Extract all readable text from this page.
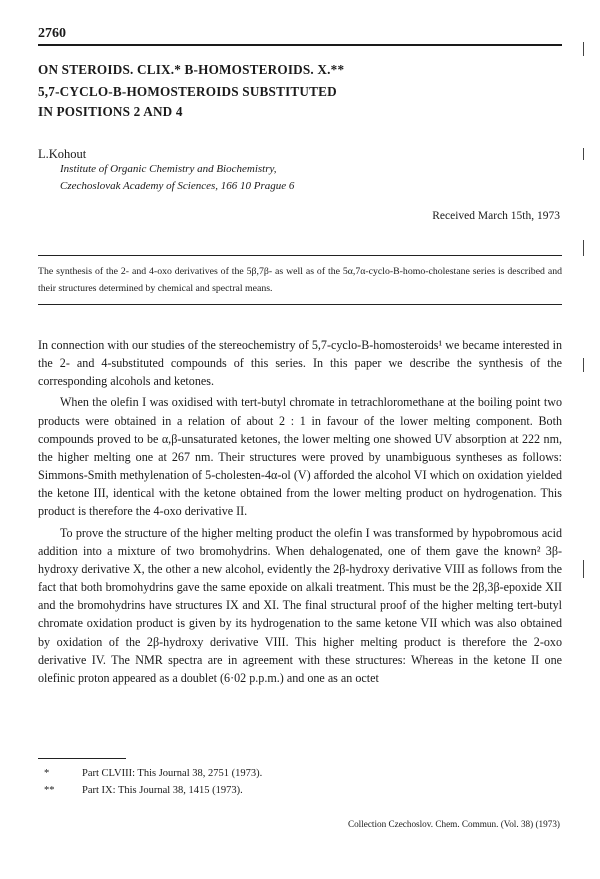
2760
ON STEROIDS. CLIX.* B-HOMOSTEROIDS. X.**
5,7-CYCLO-B-HOMOSTEROIDS SUBSTITUTED
IN POSITIONS 2 AND 4
L.Kohout
Institute of Organic Chemistry and Biochemistry,
Czechoslovak Academy of Sciences, 166 10 Prague 6
Received March 15th, 1973
The synthesis of the 2- and 4-oxo derivatives of the 5β,7β- as well as of the 5α,7α-cyclo-B-homo-cholestane series is described and their structures determined by chemical and spectral means.

In connection with our studies of the stereochemistry of 5,7-cyclo-B-homosteroids¹ we became interested in the 2- and 4-substituted compounds of this series. In this paper we describe the synthesis of the corresponding alcohols and ketones.

When the olefin I was oxidised with tert-butyl chromate in tetrachloromethane at the boiling point two products were obtained in a relation of about 2 : 1 in favour of the lower melting component. Both compounds proved to be α,β-unsaturated ketones, the lower melting one showed UV absorption at 222 nm, the higher melting one at 267 nm. Their structures were proved by unambiguous syntheses as follows: Simmons-Smith methylenation of 5-cholesten-4α-ol (V) afforded the alcohol VI which on oxidation yielded the ketone III, identical with the ketone obtained from the lower melting product on hydrogenation. This product is therefore the 4-oxo derivative II.

To prove the structure of the higher melting product the olefin I was transformed by hypobromous acid addition into a mixture of two bromohydrins. When dehalogenated, one of them gave the known² 3β-hydroxy derivative X, the other a new alcohol, evidently the 2β-hydroxy derivative VIII as follows from the fact that both bromohydrins gave the same epoxide on alkali treatment. This must be the 2β,3β-epoxide XII and the bromohydrins have structures IX and XI. The final structural proof of the higher melting tert-butyl chromate oxidation product is given by its hydrogenation to the same ketone VII which was also obtained by oxidation of the 2β-hydroxy derivative VIII. This higher melting product is therefore the 2-oxo derivative IV. The NMR spectra are in agreement with these structures: Whereas in the ketone II one olefinic proton appeared as a doublet (6·02 p.p.m.) and one as an octet

*	Part CLVIII: This Journal 38, 2751 (1973).
**	Part IX: This Journal 38, 1415 (1973).
Collection Czechoslov. Chem. Commun. (Vol. 38) (1973)
